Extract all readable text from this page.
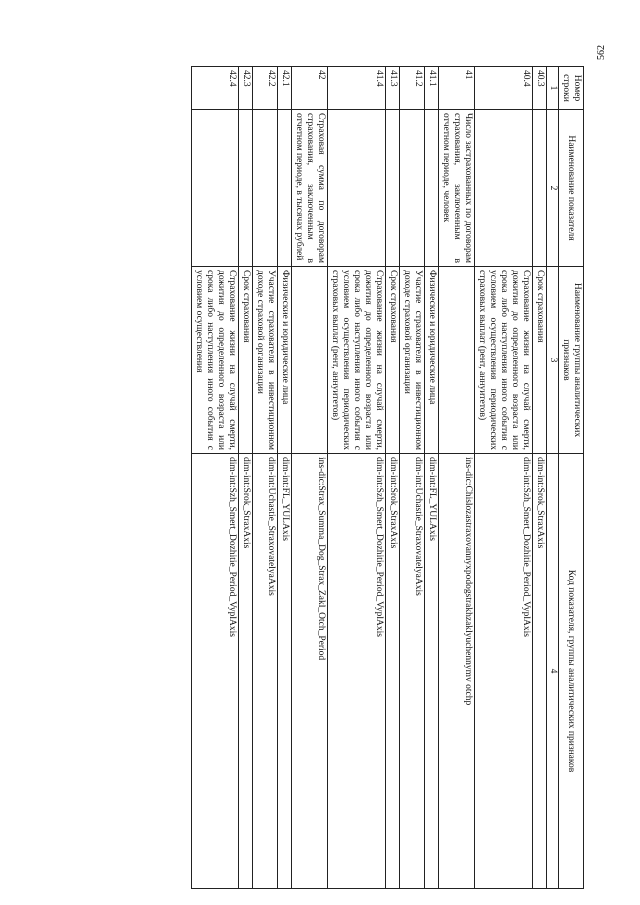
562
Номер строки	Наименование показателя	Наименование группы аналитических признаков	Код показателя, группы аналитических признаков
1	2	3	4
40.3		Срок страхования	dim-int:Srok_StraxAxis
40.4		Страхование жизни на случай смерти, дожития до определенного возраста или срока либо наступления иного события с условием осуществления периодических страховых выплат (рент, аннуитетов)	dim-int:Szh_Smert_Dozhitie_Period_VyplAxis
41	Число застрахованных по договорам страхования, заключенным в отчетном периоде, человек		ins-dic:Chislozastraxovannyxpodogstrakhzaklyuchennymv otchp
41.1		Физические и юридические лица	dim-int:FL_YULAxis
41.2		Участие страхователя в инвестиционном доходе страховой организации	dim-int:Uchastie_StraxovatelyaAxis
41.3		Срок страхования	dim-int:Srok_StraxAxis
41.4		Страхование жизни на случай смерти, дожития до определенного возраста или срока либо наступления иного события с условием осуществления периодических страховых выплат (рент, аннуитетов)	dim-int:Szh_Smert_Dozhitie_Period_VyplAxis
42	Страховая сумма по договорам страхования, заключенным в отчетном периоде, в тысячах рублей		ins-dic:Strax_Summa_Dog_Strax_Zakl_Otch_Period
42.1		Физические и юридические лица	dim-int:FL_YULAxis
42.2		Участие страхователя в инвестиционном доходе страховой организации	dim-int:Uchastie_StraxovatelyaAxis
42.3		Срок страхования	dim-int:Srok_StraxAxis
42.4		Страхование жизни на случай смерти, дожития до определенного возраста или срока либо наступления иного события с условием осуществления	dim-int:Szh_Smert_Dozhitie_Period_VyplAxis
